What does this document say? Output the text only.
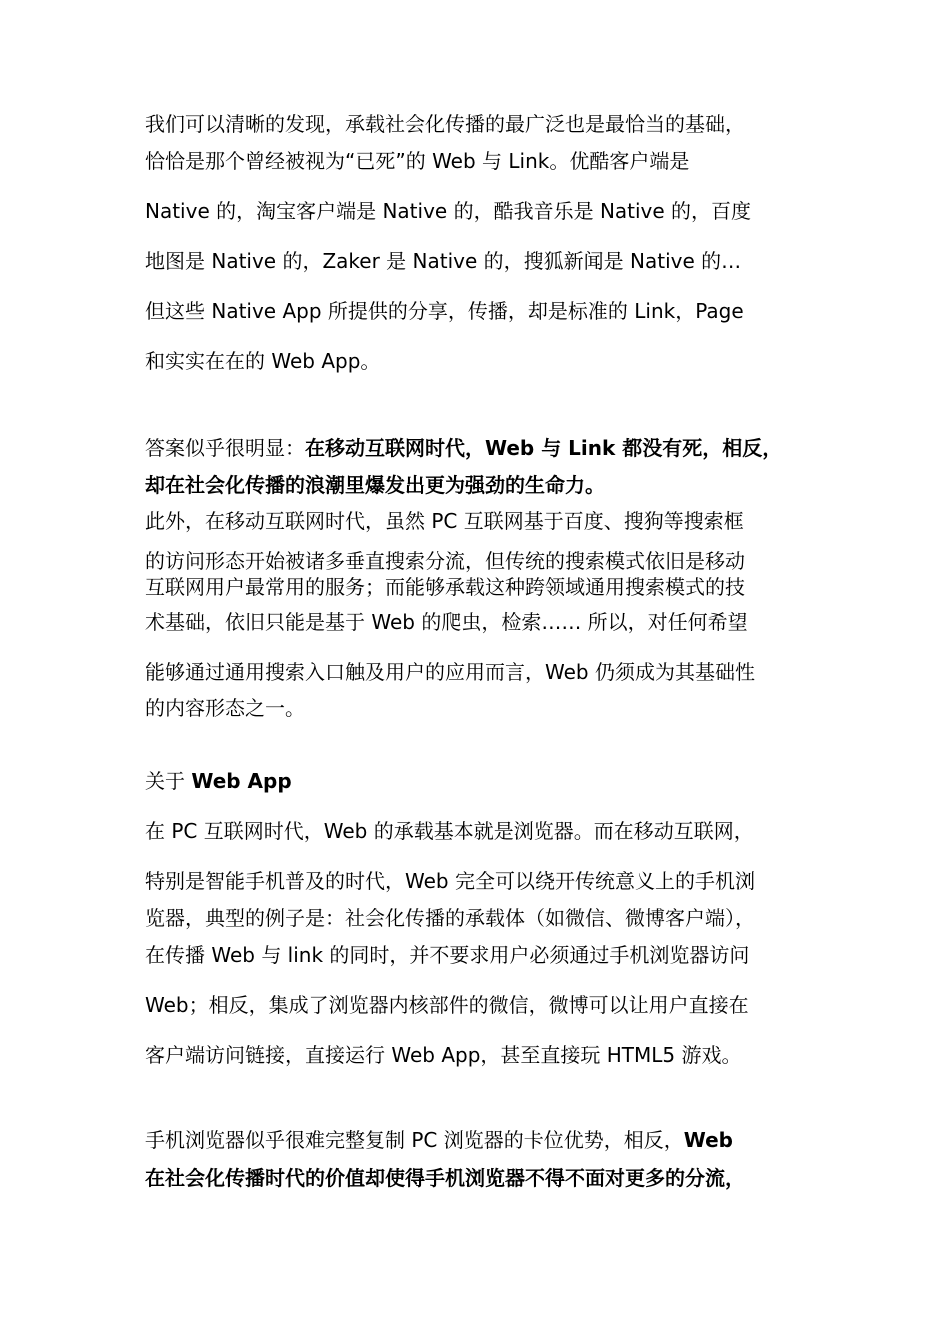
我们可以清晰的发现，承载社会化传播的最广泛也是最恰当的基础，
恰恰是那个曾经被视为“已死”的 Web 与 Link。优酷客户端是
Native 的，淘宝客户端是 Native 的，酷我音乐是 Native 的，百度
地图是 Native 的，Zaker 是 Native 的，搜狐新闻是 Native 的…
但这些 Native App 所提供的分享，传播，却是标准的 Link，Page
和实实在在的 Web App。
答案似乎很明显：在移动互联网时代，Web 与 Link 都没有死，相反，
却在社会化传播的浪潮里爆发出更为强劲的生命力。
此外，在移动互联网时代，虽然 PC 互联网基于百度、搜狗等搜索框
的访问形态开始被诸多垂直搜索分流，但传统的搜索模式依旧是移动
互联网用户最常用的服务；而能够承载这种跨领域通用搜索模式的技
术基础，依旧只能是基于 Web 的爬虫，检索…… 所以，对任何希望
能够通过通用搜索入口触及用户的应用而言，Web 仍须成为其基础性
的内容形态之一。
关于 Web App
在 PC 互联网时代，Web 的承载基本就是浏览器。而在移动互联网，
特别是智能手机普及的时代，Web 完全可以绕开传统意义上的手机浏
览器，典型的例子是：社会化传播的承载体（如微信、微博客户端），
在传播 Web 与 link 的同时，并不要求用户必须通过手机浏览器访问
Web；相反，集成了浏览器内核部件的微信，微博可以让用户直接在
客户端访问链接，直接运行 Web App，甚至直接玩 HTML5 游戏。
手机浏览器似乎很难完整复制 PC 浏览器的卡位优势，相反，Web
在社会化传播时代的价值却使得手机浏览器不得不面对更多的分流，
